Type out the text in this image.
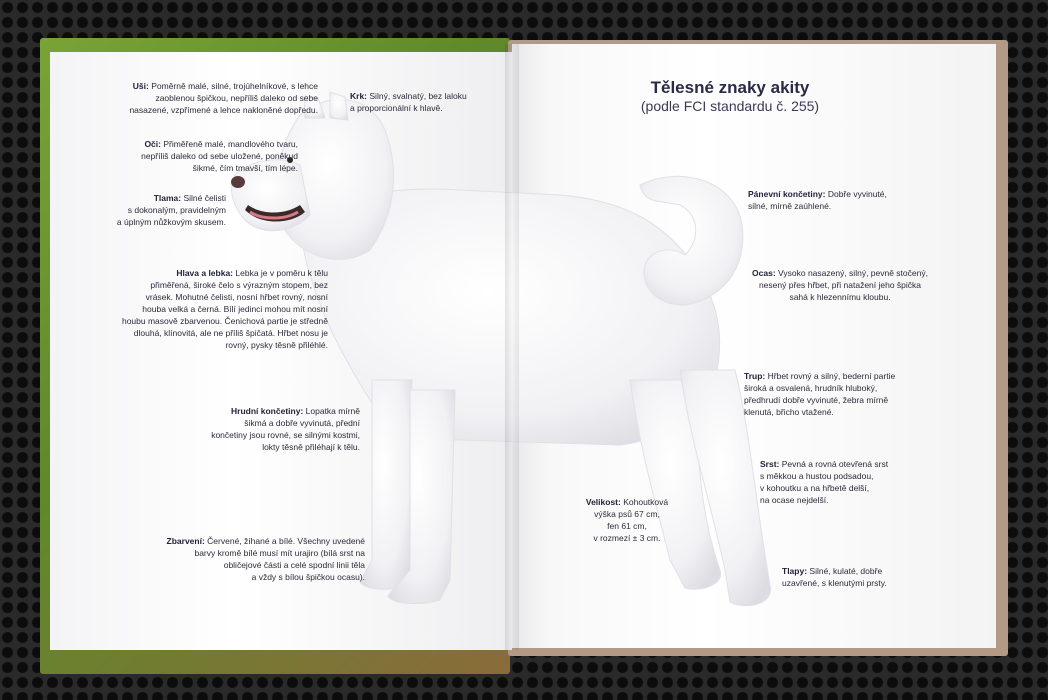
Tělesné znaky akity
(podle FCI standardu č. 255)
Uši: Poměrně malé, silné, trojúhelníkové, s lehce
zaoblenou špičkou, nepříliš daleko od sebe
nasazené, vzpřímené a lehce nakloněné dopředu.
Oči: Přiměřeně malé, mandlového tvaru,
nepříliš daleko od sebe uložené, poněkud
šikmé, čím tmavší, tím lépe.
Tlama: Silné čelisti
s dokonalým, pravidelným
a úplným nůžkovým skusem.
Hlava a lebka: Lebka je v poměru k tělu
přiměřená, široké čelo s výrazným stopem, bez
vrásek. Mohutné čelisti, nosní hřbet rovný, nosní
houba velká a černá. Bílí jedinci mohou mít nosní
houbu masově zbarvenou. Čenichová partie je středně
dlouhá, klínovitá, ale ne příliš špičatá. Hřbet nosu je
rovný, pysky těsně přiléhlé.
Hrudní končetiny: Lopatka mírně
šikmá a dobře vyvinutá, přední
končetiny jsou rovné, se silnými kostmi,
lokty těsně přiléhají k tělu.
Zbarvení: Červené, žíhané a bílé. Všechny uvedené
barvy kromě bílé musí mít urajiro (bílá srst na
obličejové části a celé spodní linii těla
a vždy s bílou špičkou ocasu).
Krk: Silný, svalnatý, bez laloku
a proporcionální k hlavě.
Pánevní končetiny: Dobře vyvinuté,
silné, mírně zaúhlené.
Ocas: Vysoko nasazený, silný, pevně stočený,
nesený přes hřbet, při natažení jeho špička
sahá k hlezennímu kloubu.
Trup: Hřbet rovný a silný, bederní partie
široká a osvalená, hrudník hluboký,
předhrudí dobře vyvinuté, žebra mírně
klenutá, břicho vtažené.
Srst: Pevná a rovná otevřená srst
s měkkou a hustou podsadou,
v kohoutku a na hřbetě delší,
na ocase nejdelší.
Velikost: Kohoutková
výška psů 67 cm,
fen 61 cm,
v rozmezí ± 3 cm.
Tlapy: Silné, kulaté, dobře
uzavřené, s klenutými prsty.
